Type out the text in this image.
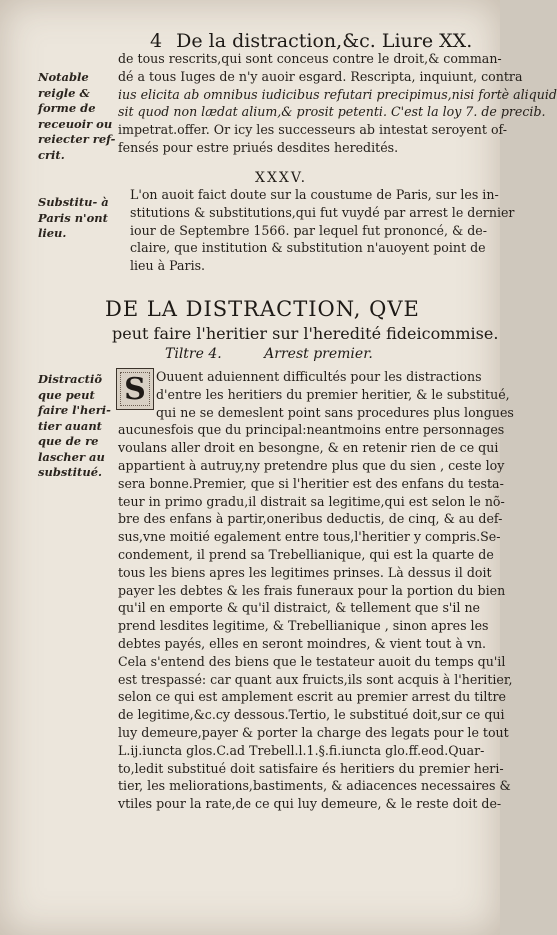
4 De la distraction,&c. Liure XX.
Notable
reigle &
forme de
receuoir ou
reiecter ref-
crit.
de tous rescrits,qui sont conceus contre le droit,& comman-
dé a tous Iuges de n'y auoir esgard. Rescripta, inquiunt, contra
ius elicita ab omnibus iudicibus refutari precipimus,nisi fortè aliquid
sit quod non lædat alium,& prosit petenti. C'est la loy 7. de precib.
impetrat.offer. Or icy les successeurs ab intestat seroyent of-
fensés pour estre priués desdites heredités.
XXXV.
Substitu- à
Paris n'ont
lieu.
L'on auoit faict doute sur la coustume de Paris, sur les in-
stitutions & substitutions,qui fut vuydé par arrest le dernier
iour de Septembre 1566. par lequel fut prononcé, & de-
claire, que institution & substitution n'auoyent point de
lieu à Paris.
DE LA DISTRACTION, QVE
peut faire l'heritier sur l'heredité fideicommise.
Tiltre 4.	Arrest premier.
S
Distractiõ
que peut
faire l'heri-
tier auant
que de re
lascher au
substitué.
Ouuent aduiennent difficultés pour les distractions
d'entre les heritiers du premier heritier, & le substitué,
qui ne se demeslent point sans procedures plus longues
aucunesfois que du principal:neantmoins entre personnages
voulans aller droit en besongne, & en retenir rien de ce qui
appartient à autruy,ny pretendre plus que du sien , ceste loy
sera bonne.Premier, que si l'heritier est des enfans du testa-
teur in primo gradu,il distrait sa legitime,qui est selon le nõ-
bre des enfans à partir,oneribus deductis, de cinq, & au def-
sus,vne moitié egalement entre tous,l'heritier y compris.Se-
condement, il prend sa Trebellianique, qui est la quarte de
tous les biens apres les legitimes prinses. Là dessus il doit
payer les debtes & les frais funeraux pour la portion du bien
qu'il en emporte & qu'il distraict, & tellement que s'il ne
prend lesdites legitime, & Trebellianique , sinon apres les
debtes payés, elles en seront moindres, & vient tout à vn.
Cela s'entend des biens que le testateur auoit du temps qu'il
est trespassé: car quant aux fruicts,ils sont acquis à l'heritier,
selon ce qui est amplement escrit au premier arrest du tiltre
de legitime,&c.cy dessous.Tertio, le substitué doit,sur ce qui
luy demeure,payer & porter la charge des legats pour le tout
L.ij.iuncta glos.C.ad Trebell.l.1.§.fi.iuncta glo.ff.eod.Quar-
to,ledit substitué doit satisfaire és heritiers du premier heri-
tier, les meliorations,bastiments, & adiacences necessaires &
vtiles pour la rate,de ce qui luy demeure, & le reste doit de-
